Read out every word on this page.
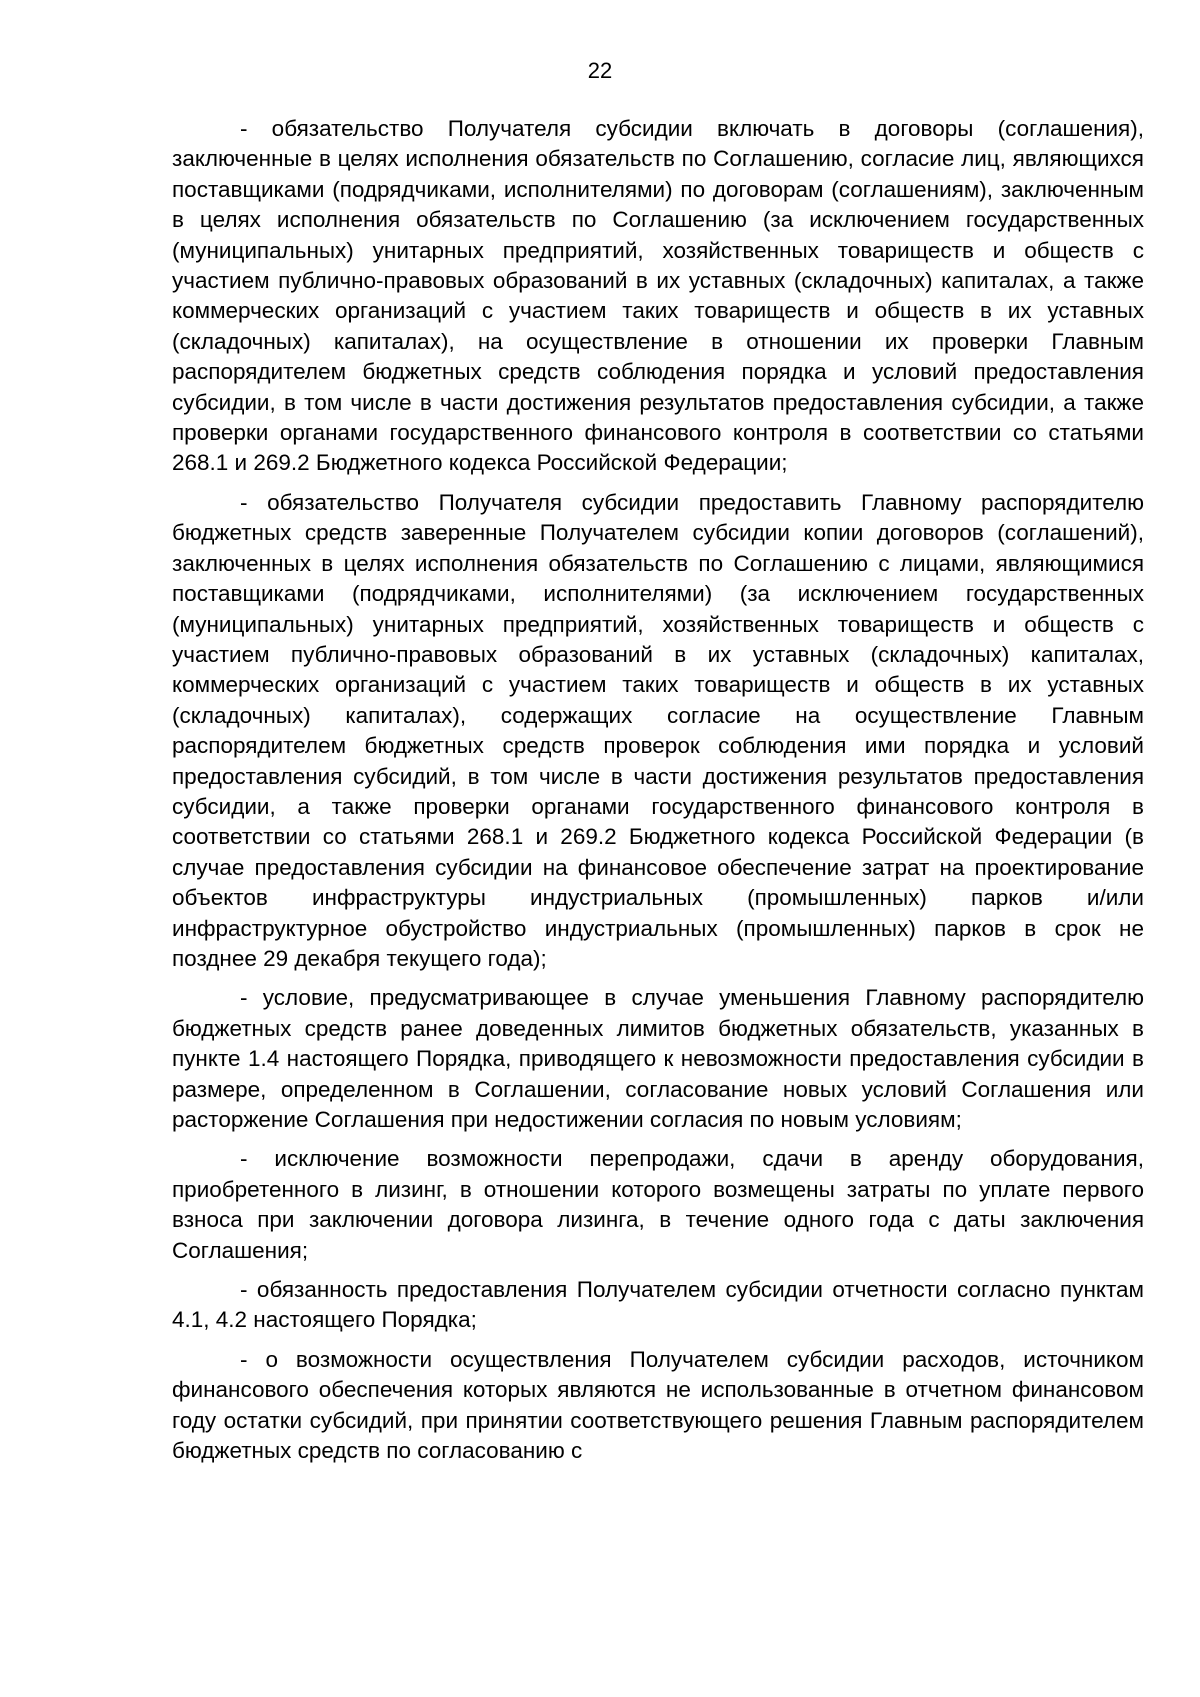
22

- обязательство Получателя субсидии включать в договоры (соглашения), заключенные в целях исполнения обязательств по Соглашению, согласие лиц, являющихся поставщиками (подрядчиками, исполнителями) по договорам (соглашениям), заключенным в целях исполнения обязательств по Соглашению (за исключением государственных (муниципальных) унитарных предприятий, хозяйственных товариществ и обществ с участием публично-правовых образований в их уставных (складочных) капиталах, а также коммерческих организаций с участием таких товариществ и обществ в их уставных (складочных) капиталах), на осуществление в отношении их проверки Главным распорядителем бюджетных средств соблюдения порядка и условий предоставления субсидии, в том числе в части достижения результатов предоставления субсидии, а также проверки органами государственного финансового контроля в соответствии со статьями 268.1 и 269.2 Бюджетного кодекса Российской Федерации;

- обязательство Получателя субсидии предоставить Главному распорядителю бюджетных средств заверенные Получателем субсидии копии договоров (соглашений), заключенных в целях исполнения обязательств по Соглашению с лицами, являющимися поставщиками (подрядчиками, исполнителями) (за исключением государственных (муниципальных) унитарных предприятий, хозяйственных товариществ и обществ с участием публично-правовых образований в их уставных (складочных) капиталах, коммерческих организаций с участием таких товариществ и обществ в их уставных (складочных) капиталах), содержащих согласие на осуществление Главным распорядителем бюджетных средств проверок соблюдения ими порядка и условий предоставления субсидий, в том числе в части достижения результатов предоставления субсидии, а также проверки органами государственного финансового контроля в соответствии со статьями 268.1 и 269.2 Бюджетного кодекса Российской Федерации (в случае предоставления субсидии на финансовое обеспечение затрат на проектирование объектов инфраструктуры индустриальных (промышленных) парков и/или инфраструктурное обустройство индустриальных (промышленных) парков в срок не позднее 29 декабря текущего года);

- условие, предусматривающее в случае уменьшения Главному распорядителю бюджетных средств ранее доведенных лимитов бюджетных обязательств, указанных в пункте 1.4 настоящего Порядка, приводящего к невозможности предоставления субсидии в размере, определенном в Соглашении, согласование новых условий Соглашения или расторжение Соглашения при недостижении согласия по новым условиям;

- исключение возможности перепродажи, сдачи в аренду оборудования, приобретенного в лизинг, в отношении которого возмещены затраты по уплате первого взноса при заключении договора лизинга, в течение одного года с даты заключения Соглашения;

- обязанность предоставления Получателем субсидии отчетности согласно пунктам 4.1, 4.2 настоящего Порядка;

- о возможности осуществления Получателем субсидии расходов, источником финансового обеспечения которых являются не использованные в отчетном финансовом году остатки субсидий, при принятии соответствующего решения Главным распорядителем бюджетных средств по согласованию с
